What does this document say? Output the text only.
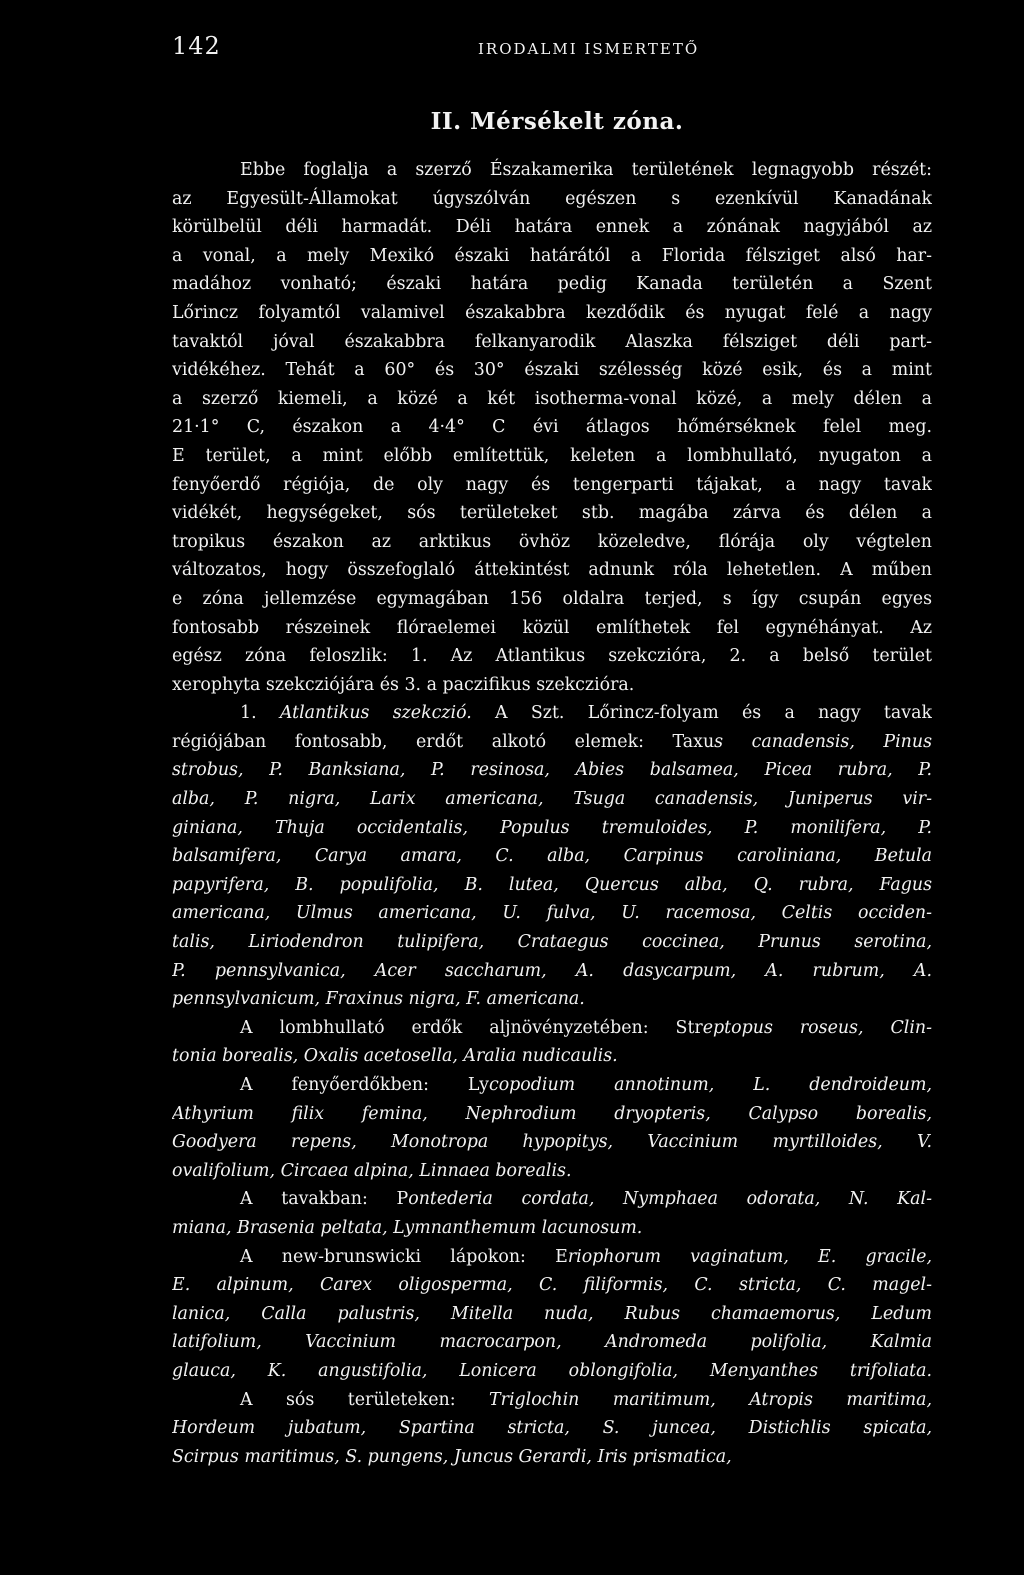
142	IRODALMI ISMERTETŐ
II. Mérsékelt zóna.
Ebbe foglalja a szerző Északamerika területének legnagyobb részét:
az Egyesült-Államokat úgyszólván egészen s ezenkívül Kanadának
körülbelül déli harmadát. Déli határa ennek a zónának nagyjából az
a vonal, a mely Mexikó északi határától a Florida félsziget alsó har-
madához vonható; északi határa pedig Kanada területén a Szent
Lőrincz folyamtól valamivel északabbra kezdődik és nyugat felé a nagy
tavaktól jóval északabbra felkanyarodik Alaszka félsziget déli part-
vidékéhez. Tehát a 60° és 30° északi szélesség közé esik, és a mint
a szerző kiemeli, a közé a két isotherma-vonal közé, a mely délen a
21·1° C, északon a 4·4° C évi átlagos hőmérséknek felel meg.
E terület, a mint előbb említettük, keleten a lombhullató, nyugaton a
fenyőerdő régiója, de oly nagy és tengerparti tájakat, a nagy tavak
vidékét, hegységeket, sós területeket stb. magába zárva és délen a
tropikus északon az arktikus övhöz közeledve, flórája oly végtelen
változatos, hogy összefoglaló áttekintést adnunk róla lehetetlen. A műben
e zóna jellemzése egymagában 156 oldalra terjed, s így csupán egyes
fontosabb részeinek flóraelemei közül említhetek fel egynéhányat. Az
egész zóna feloszlik: 1. Az Atlantikus szekczióra, 2. a belső terület
xerophyta szekcziójára és 3. a paczifikus szekczióra.
1. Atlantikus szekczió. A Szt. Lőrincz-folyam és a nagy tavak
régiójában fontosabb, erdőt alkotó elemek: Taxus canadensis, Pinus
strobus, P. Banksiana, P. resinosa, Abies balsamea, Picea rubra, P.
alba, P. nigra, Larix americana, Tsuga canadensis, Juniperus vir-
giniana, Thuja occidentalis, Populus tremuloides, P. monilifera, P.
balsamifera, Carya amara, C. alba, Carpinus caroliniana, Betula
papyrifera, B. populifolia, B. lutea, Quercus alba, Q. rubra, Fagus
americana, Ulmus americana, U. fulva, U. racemosa, Celtis occiden-
talis, Liriodendron tulipifera, Crataegus coccinea, Prunus serotina,
P. pennsylvanica, Acer saccharum, A. dasycarpum, A. rubrum, A.
pennsylvanicum, Fraxinus nigra, F. americana.
A lombhullató erdők aljnövényzetében: Streptopus roseus, Clin-
tonia borealis, Oxalis acetosella, Aralia nudicaulis.
A fenyőerdőkben: Lycopodium annotinum, L. dendroideum,
Athyrium filix femina, Nephrodium dryopteris, Calypso borealis,
Goodyera repens, Monotropa hypopitys, Vaccinium myrtilloides, V.
ovalifolium, Circaea alpina, Linnaea borealis.
A tavakban: Pontederia cordata, Nymphaea odorata, N. Kal-
miana, Brasenia peltata, Lymnanthemum lacunosum.
A new-brunswicki lápokon: Eriophorum vaginatum, E. gracile,
E. alpinum, Carex oligosperma, C. filiformis, C. stricta, C. magel-
lanica, Calla palustris, Mitella nuda, Rubus chamaemorus, Ledum
latifolium, Vaccinium macrocarpon, Andromeda polifolia, Kalmia
glauca, K. angustifolia, Lonicera oblongifolia, Menyanthes trifoliata.
A sós területeken: Triglochin maritimum, Atropis maritima,
Hordeum jubatum, Spartina stricta, S. juncea, Distichlis spicata,
Scirpus maritimus, S. pungens, Juncus Gerardi, Iris prismatica,
